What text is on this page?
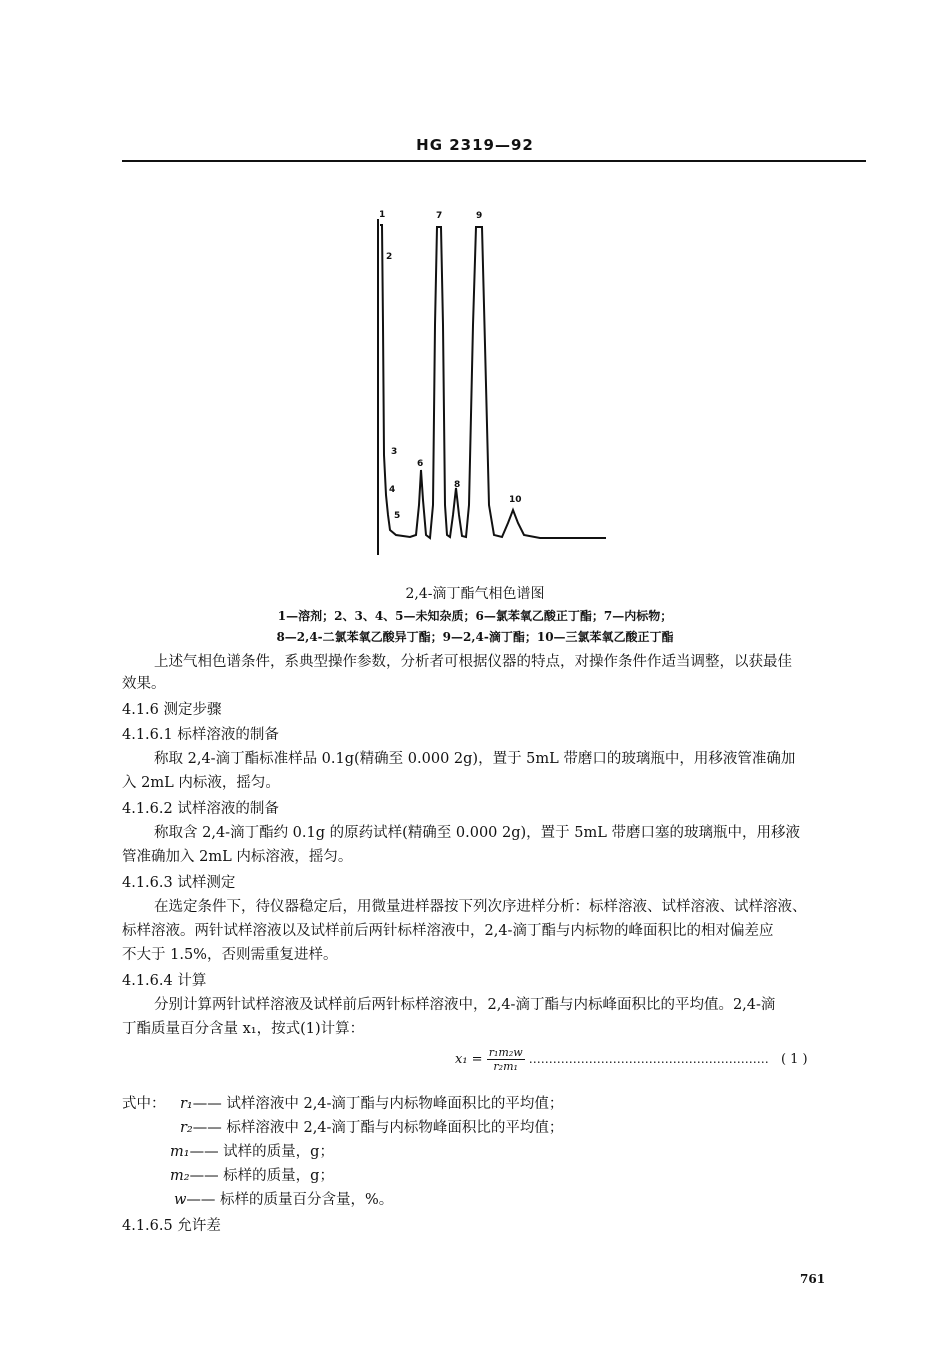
HG 2319—92
1
2
3
4
5
6
7
8
9
10
2,4-滴丁酯气相色谱图
1—溶剂；2、3、4、5—未知杂质；6—氯苯氧乙酸正丁酯；7—内标物；
8—2,4-二氯苯氧乙酸异丁酯；9—2,4-滴丁酯；10—三氯苯氧乙酸正丁酯
上述气相色谱条件，系典型操作参数，分析者可根据仪器的特点，对操作条件作适当调整，以获最佳
效果。
4.1.6 测定步骤
4.1.6.1 标样溶液的制备
称取 2,4-滴丁酯标准样品 0.1g(精确至 0.000 2g)，置于 5mL 带磨口的玻璃瓶中，用移液管准确加
入 2mL 内标液，摇匀。
4.1.6.2 试样溶液的制备
称取含 2,4-滴丁酯约 0.1g 的原药试样(精确至 0.000 2g)，置于 5mL 带磨口塞的玻璃瓶中，用移液
管准确加入 2mL 内标溶液，摇匀。
4.1.6.3 试样测定
在选定条件下，待仪器稳定后，用微量进样器按下列次序进样分析：标样溶液、试样溶液、试样溶液、
标样溶液。两针试样溶液以及试样前后两针标样溶液中，2,4-滴丁酯与内标物的峰面积比的相对偏差应
不大于 1.5%，否则需重复进样。
4.1.6.4 计算
分别计算两针试样溶液及试样前后两针标样溶液中，2,4-滴丁酯与内标峰面积比的平均值。2,4-滴
丁酯质量百分含量 x₁，按式(1)计算：
$x_1 = \frac{\text{r₁m₂w}}{\text{r₂m₁}}$ …………………………………………………… ( 1 )
式中： r₁—— 试样溶液中 2,4-滴丁酯与内标物峰面积比的平均值；
r₂—— 标样溶液中 2,4-滴丁酯与内标物峰面积比的平均值；
m₁—— 试样的质量，g；
m₂—— 标样的质量，g；
w—— 标样的质量百分含量，%。
4.1.6.5 允许差
761
